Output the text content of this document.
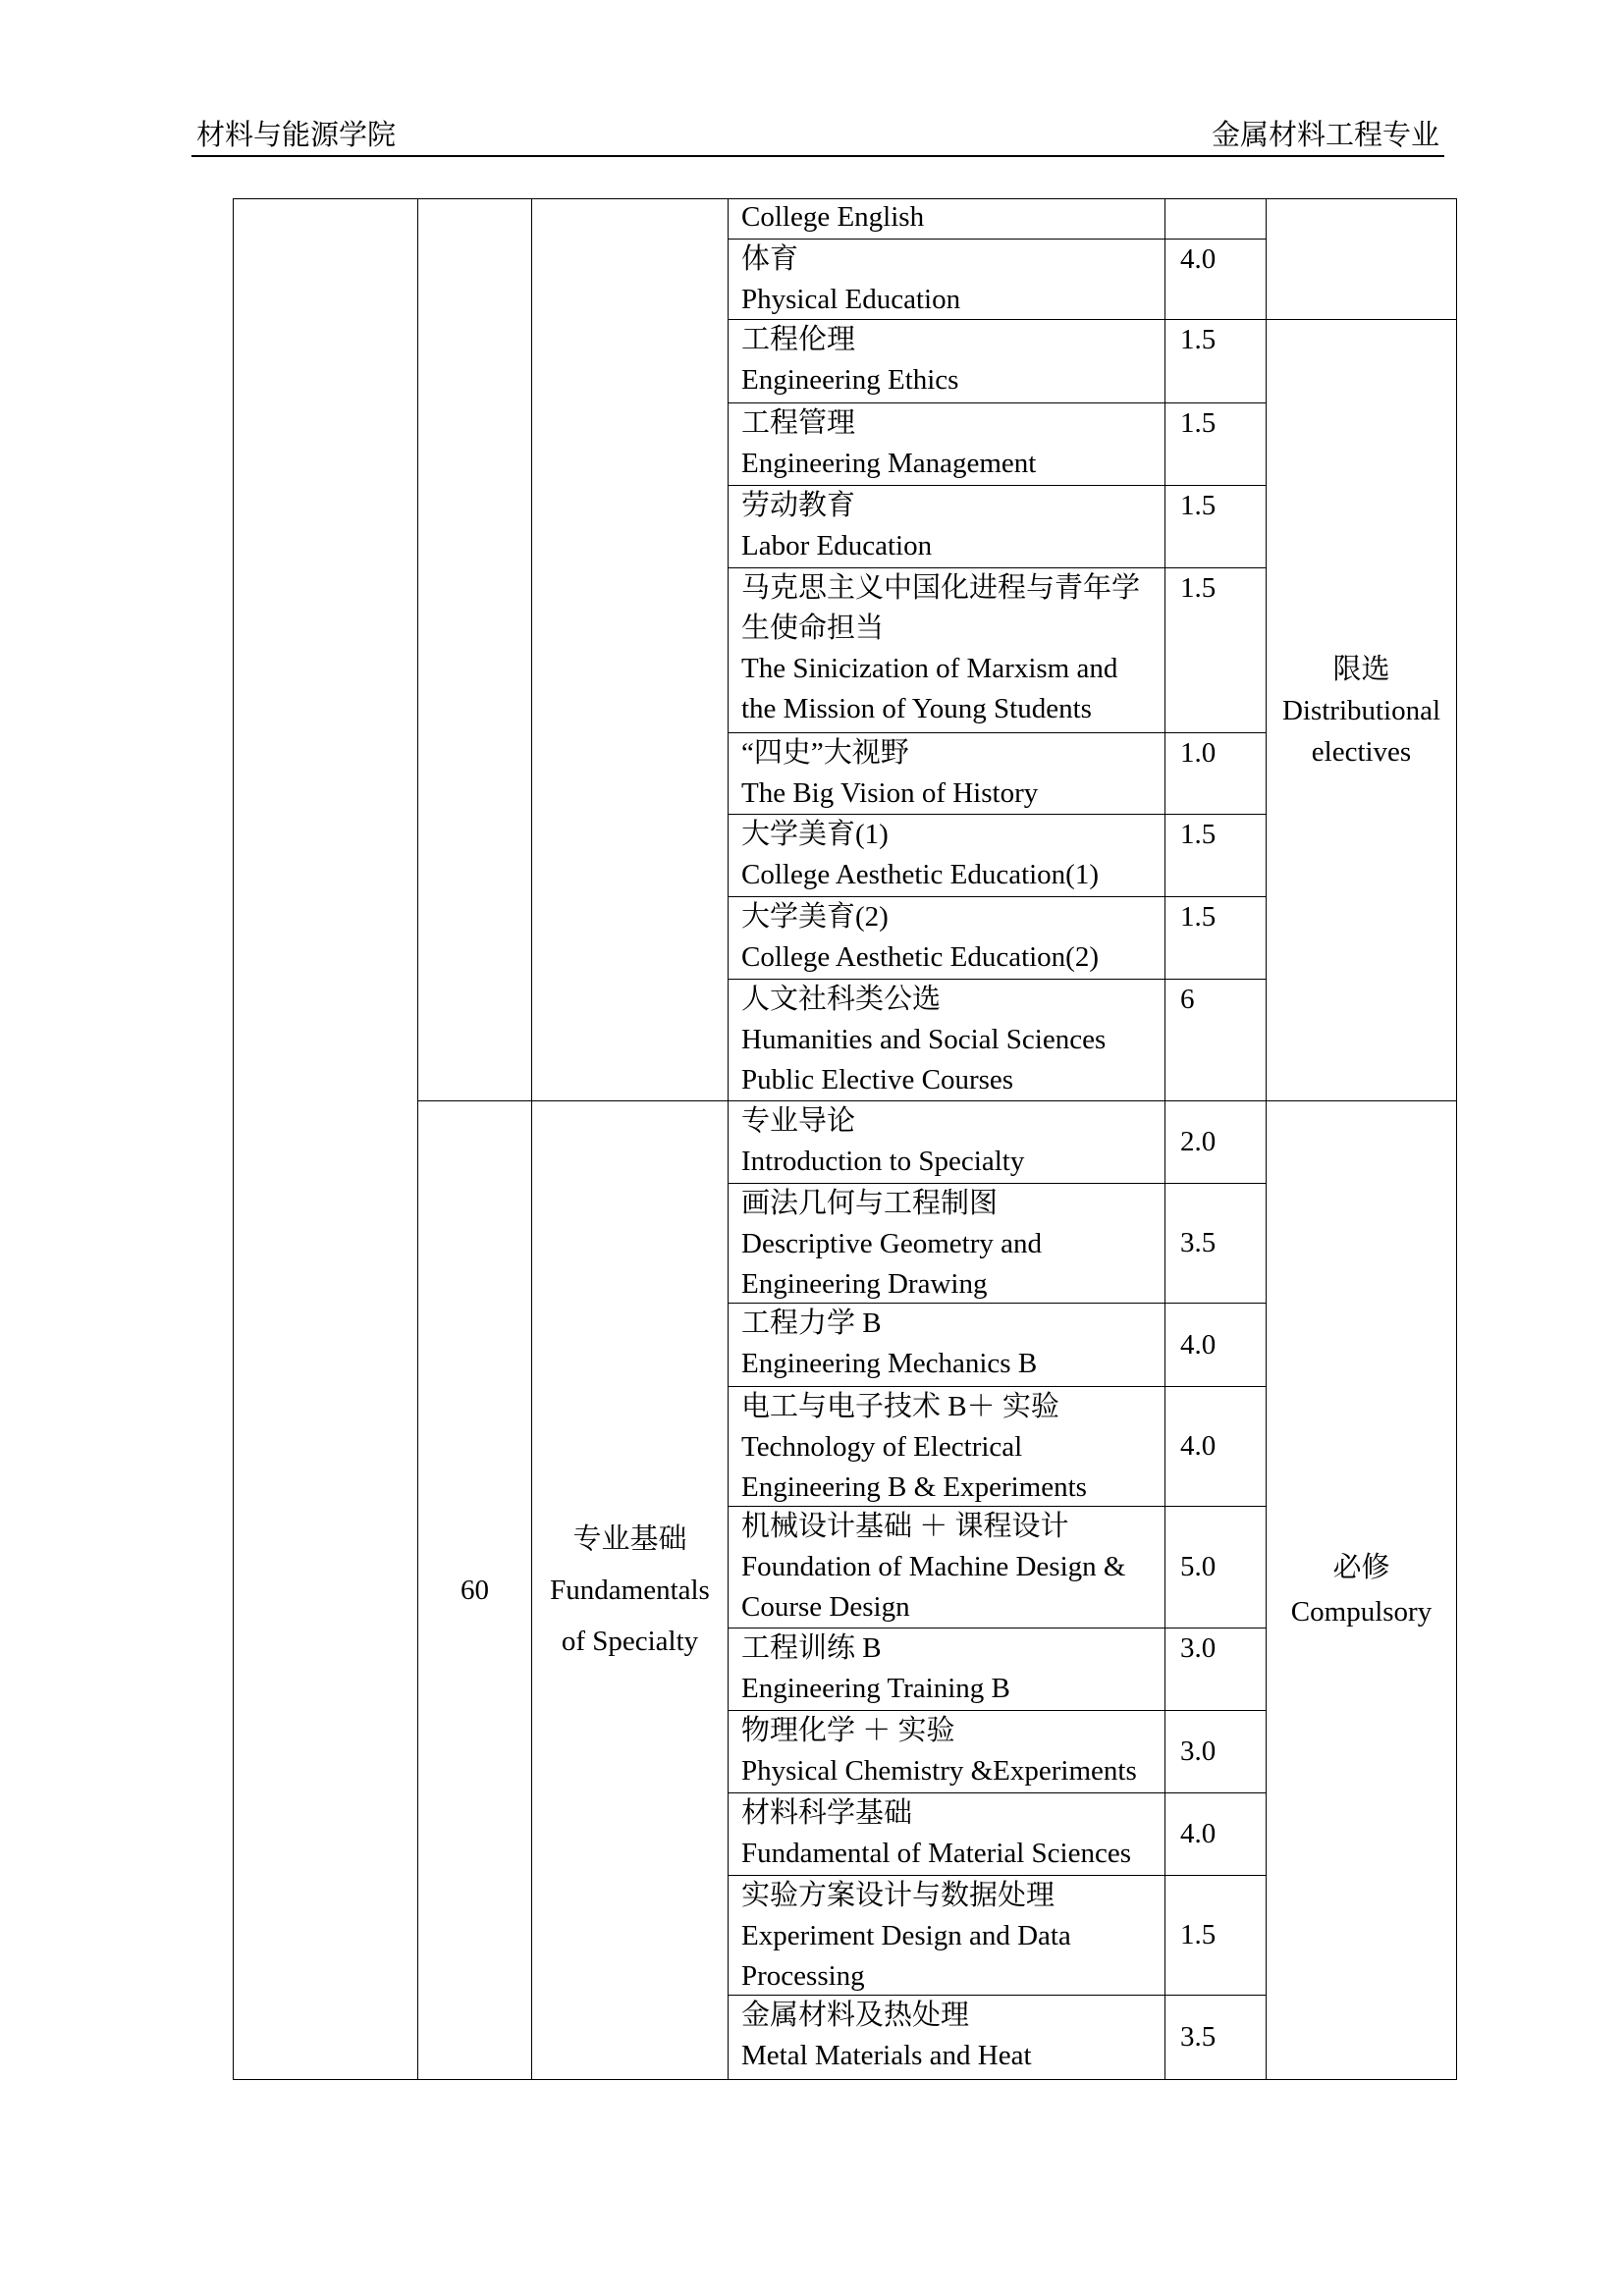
材料与能源学院	金属材料工程专业
60
专业基础
Fundamentals of Specialty
限选
Distributional electives
必修
Compulsory
College English
体育
Physical Education
4.0
工程伦理
Engineering Ethics
1.5
工程管理
Engineering Management
1.5
劳动教育
Labor Education
1.5
马克思主义中国化进程与青年学生使命担当
The Sinicization of Marxism and the Mission of Young Students
1.5
“四史”大视野
The Big Vision of History
1.0
大学美育(1)
College Aesthetic Education(1)
1.5
大学美育(2)
College Aesthetic Education(2)
1.5
人文社科类公选
Humanities and Social Sciences Public Elective Courses
6
专业导论
Introduction to Specialty
2.0
画法几何与工程制图
Descriptive Geometry and Engineering Drawing
3.5
工程力学 B
Engineering Mechanics B
4.0
电工与电子技术 B＋ 实验
Technology of Electrical Engineering B & Experiments
4.0
机械设计基础 ＋ 课程设计
Foundation of Machine Design & Course Design
5.0
工程训练 B
Engineering Training B
3.0
物理化学 ＋ 实验
Physical Chemistry &Experiments
3.0
材料科学基础
Fundamental of Material Sciences
4.0
实验方案设计与数据处理
Experiment Design and Data Processing
1.5
金属材料及热处理
Metal Materials and Heat
3.5
